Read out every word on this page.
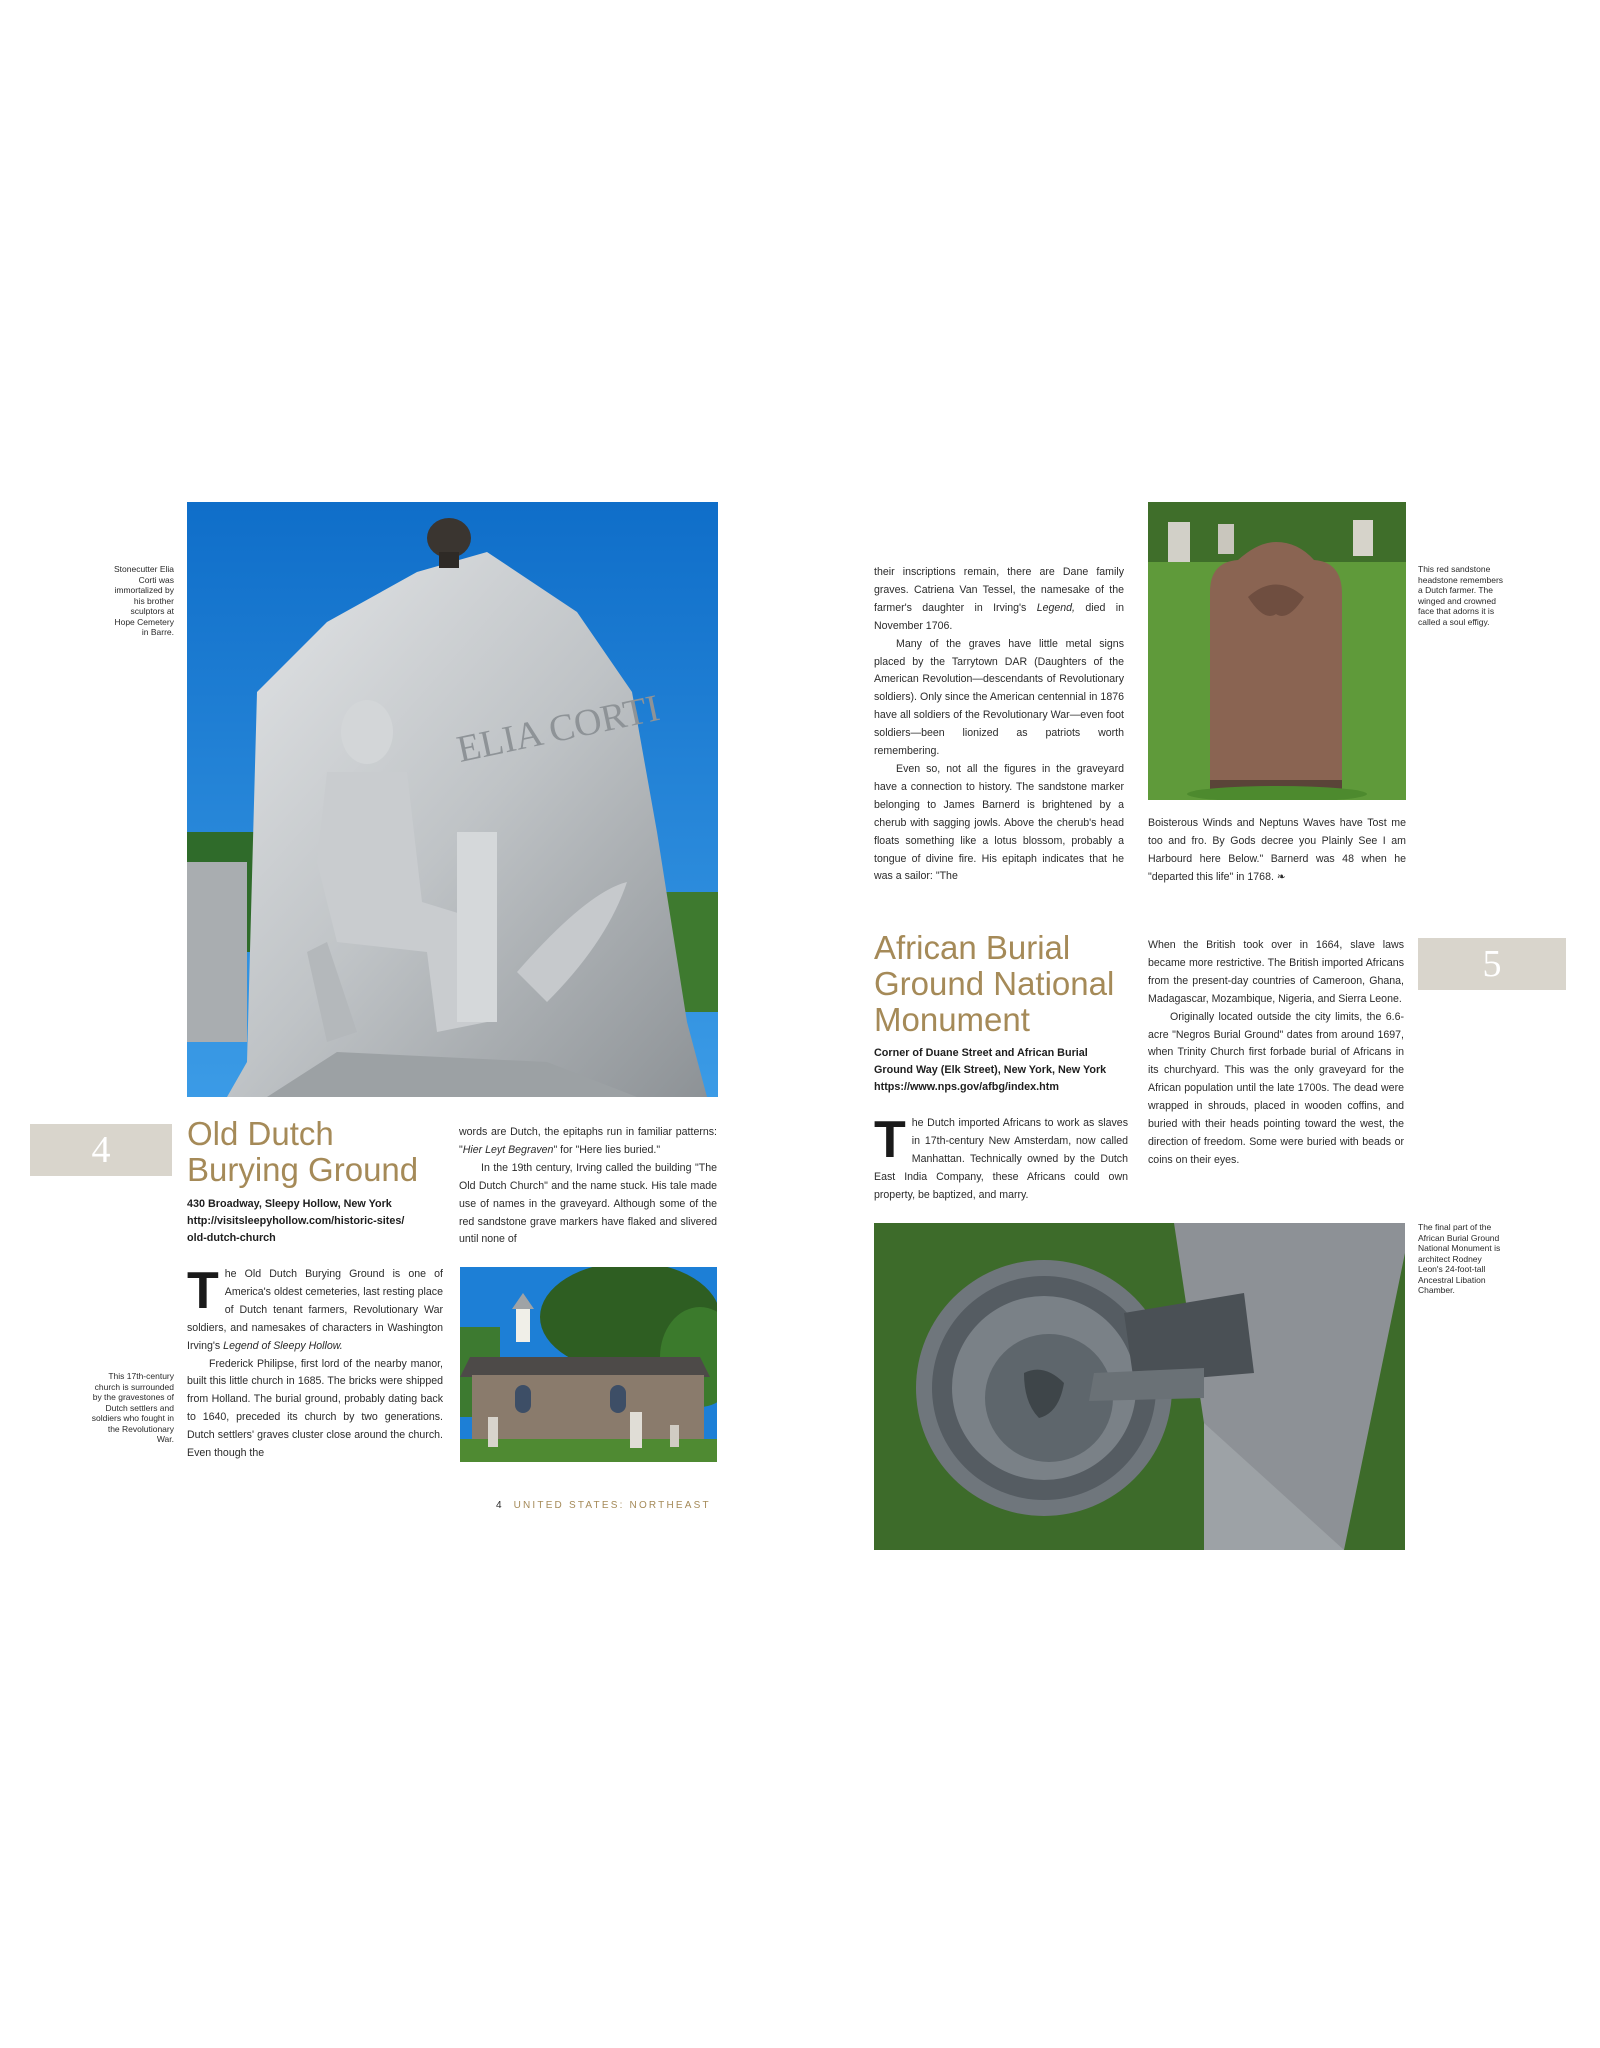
Stonecutter Elia Corti was immortalized by his brother sculptors at Hope Cemetery in Barre.
ELIA CORTI
4	Old Dutch
Burying Ground
430 Broadway, Sleepy Hollow, New York
http://visitsleepyhollow.com/historic-sites/
old-dutch-church

T he Old Dutch Burying Ground is one of America's oldest cemeteries, last resting place of Dutch tenant farmers, Revolutionary War soldiers, and namesakes of characters in Washington Irving's Legend of Sleepy Hollow.

Frederick Philipse, first lord of the nearby manor, built this little church in 1685. The bricks were shipped from Holland. The burial ground, probably dating back to 1640, preceded its church by two generations. Dutch settlers' graves cluster close around the church. Even though the

This 17th-century church is surrounded by the gravestones of Dutch settlers and soldiers who fought in the Revolutionary War.

words are Dutch, the epitaphs run in familiar patterns: "Hier Leyt Begraven" for "Here lies buried."

In the 19th century, Irving called the building "The Old Dutch Church" and the name stuck. His tale made use of names in the graveyard. Although some of the red sandstone grave markers have flaked and slivered until none of

4 UNITED STATES: NORTHEAST

their inscriptions remain, there are Dane family graves. Catriena Van Tessel, the namesake of the farmer's daughter in Irving's Legend, died in November 1706.

Many of the graves have little metal signs placed by the Tarrytown DAR (Daughters of the American Revolution—descendants of Revolutionary soldiers). Only since the American centennial in 1876 have all soldiers of the Revolutionary War—even foot soldiers—been lionized as patriots worth remembering.

Even so, not all the figures in the graveyard have a connection to history. The sandstone marker belonging to James Barnerd is brightened by a cherub with sagging jowls. Above the cherub's head floats something like a lotus blossom, probably a tongue of divine fire. His epitaph indicates that he was a sailor: "The

This red sandstone headstone remembers a Dutch farmer. The winged and crowned face that adorns it is called a soul effigy.

Boisterous Winds and Neptuns Waves have Tost me too and fro. By Gods decree you Plainly See I am Harbourd here Below." Barnerd was 48 when he "departed this life" in 1768. ❧

African Burial
Ground National
Monument
5
Corner of Duane Street and African Burial
Ground Way (Elk Street), New York, New York
https://www.nps.gov/afbg/index.htm

T he Dutch imported Africans to work as slaves in 17th-century New Amsterdam, now called Manhattan. Technically owned by the Dutch East India Company, these Africans could own property, be baptized, and marry.

When the British took over in 1664, slave laws became more restrictive. The British imported Africans from the present-day countries of Cameroon, Ghana, Madagascar, Mozambique, Nigeria, and Sierra Leone.

Originally located outside the city limits, the 6.6-acre "Negros Burial Ground" dates from around 1697, when Trinity Church first forbade burial of Africans in its churchyard. This was the only graveyard for the African population until the late 1700s. The dead were wrapped in shrouds, placed in wooden coffins, and buried with their heads pointing toward the west, the direction of freedom. Some were buried with beads or coins on their eyes.

The final part of the African Burial Ground National Monument is architect Rodney Leon's 24-foot-tall Ancestral Libation Chamber.
